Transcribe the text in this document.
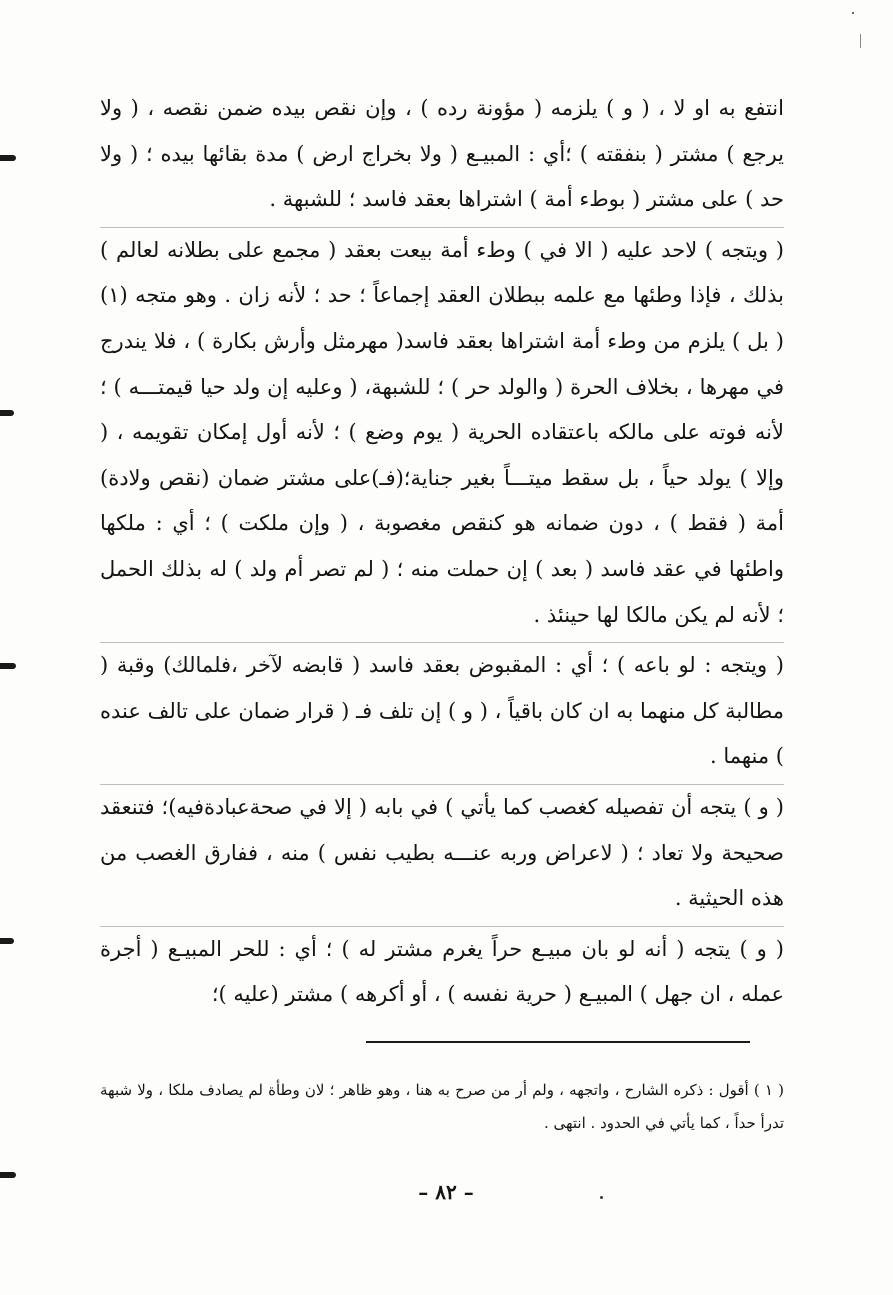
انتفع به او لا ، ( و ) يلزمه ( مؤونة رده ) ، وإن نقص بيده ضمن نقصه ، ( ولا يرجع ) مشتر ( بنفقته ) ؛أي : المبيـع ( ولا بخراج ارض ) مدة بقائها بيده ؛ ( ولا حد ) على مشتر ( بوطء أمة ) اشتراها بعقد فاسد ؛ للشبهة .

( ويتجه ) لاحد عليه ( الا في ) وطء أمة بيعت بعقد ( مجمع على بطلانه لعالم ) بذلك ، فإذا وطئها مع علمه ببطلان العقد إجماعاً ؛ حد ؛ لأنه زان . وهو متجه (١) ( بل ) يلزم من وطء أمة اشتراها بعقد فاسد( مهرمثل وأرش بكارة ) ، فلا يندرج في مهرها ، بخلاف الحرة ( والولد حر ) ؛ للشبهة، ( وعليه إن ولد حيا قيمتـــه ) ؛ لأنه فوته على مالكه باعتقاده الحرية ( يوم وضع ) ؛ لأنه أول إمكان تقويمه ، ( وإلا ) يولد حياً ، بل سقط ميتـــاً بغير جناية؛(فـ)على مشتر ضمان (نقص ولادة) أمة ( فقط ) ، دون ضمانه هو كنقص مغصوبة ، ( وإن ملكت ) ؛ أي : ملكها واطئها في عقد فاسد ( بعد ) إن حملت منه ؛ ( لم تصر أم ولد ) له بذلك الحمل ؛ لأنه لم يكن مالكا لها حينئذ .

( ويتجه : لو باعه ) ؛ أي : المقبوض بعقد فاسد ( قابضه لآخر ،فلمالك) وقبة ( مطالبة كل منهما به ان كان باقياً ، ( و ) إن تلف فـ ( قرار ضمان على تالف عنده ) منهما .

( و ) يتجه أن تفصيله كغصب كما يأتي ) في بابه ( إلا في صحةعبادةفيه)؛ فتنعقد صحيحة ولا تعاد ؛ ( لاعراض وربه عنـــه بطيب نفس ) منه ، ففارق الغصب من هذه الحيثية .

( و ) يتجه ( أنه لو بان مبيـع حراً يغرم مشتر له ) ؛ أي : للحر المبيـع ( أجرة عمله ، ان جهل ) المبيـع ( حرية نفسه ) ، أو أكرهه ) مشتر (عليه )؛

( ١ ) أقول : ذكره الشارح ، واتجهه ، ولم أر من صرح به هنا ، وهو ظاهر ؛ لان وطأة لم يصادف ملكا ، ولا شبهة تدرأ حداً ، كما يأتي في الحدود . انتهى .
– ٨٢ –
